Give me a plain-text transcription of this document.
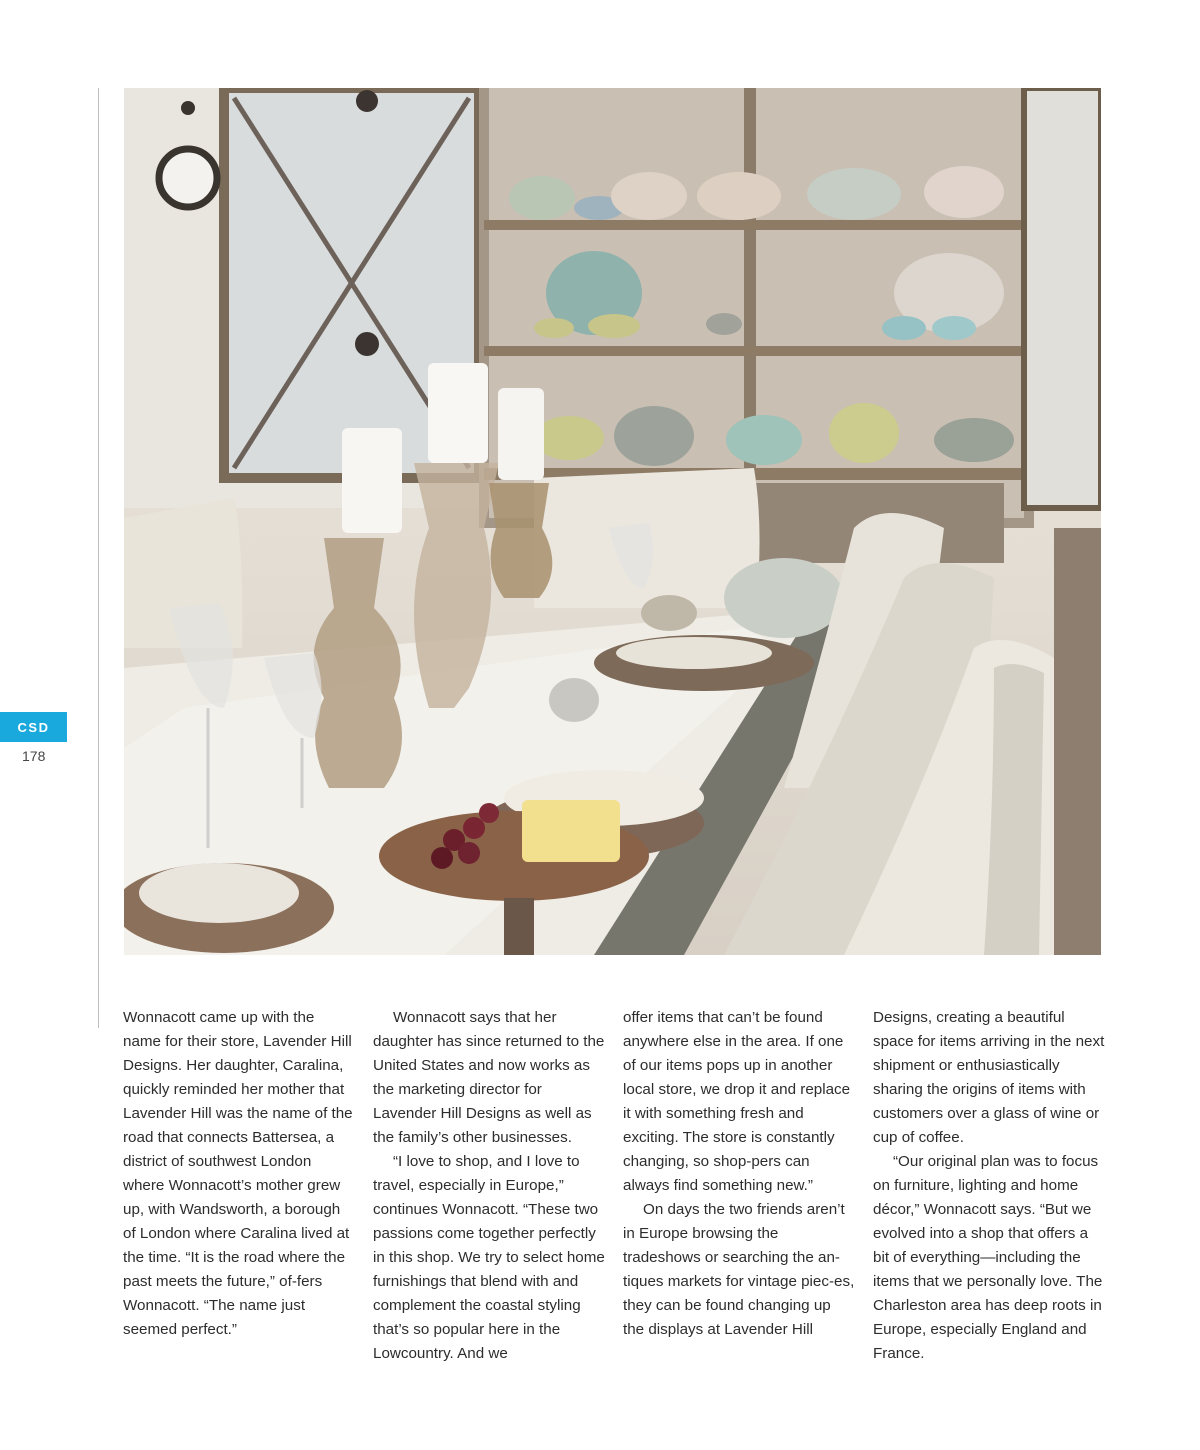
CSD
178

Wonnacott came up with the name for their store, Lavender Hill Designs. Her daughter, Caralina, quickly reminded her mother that Lavender Hill was the name of the road that connects Battersea, a district of southwest London where Wonnacott’s mother grew up, with Wandsworth, a borough of London where Caralina lived at the time. “It is the road where the past meets the future,” of-fers Wonnacott. “The name just seemed perfect.”

Wonnacott says that her daughter has since returned to the United States and now works as the marketing director for Lavender Hill Designs as well as the family’s other businesses.

“I love to shop, and I love to travel, especially in Europe,” continues Wonnacott. “These two passions come together perfectly in this shop. We try to select home furnishings that blend with and complement the coastal styling that’s so popular here in the Lowcountry. And we

offer items that can’t be found anywhere else in the area. If one of our items pops up in another local store, we drop it and replace it with something fresh and exciting. The store is constantly changing, so shop-pers can always find something new.”

On days the two friends aren’t in Europe browsing the tradeshows or searching the an-tiques markets for vintage piec-es, they can be found changing up the displays at Lavender Hill

Designs, creating a beautiful space for items arriving in the next shipment or enthusiastically sharing the origins of items with customers over a glass of wine or cup of coffee.

“Our original plan was to focus on furniture, lighting and home décor,” Wonnacott says. “But we evolved into a shop that offers a bit of everything—including the items that we personally love. The Charleston area has deep roots in Europe, especially England and France.
